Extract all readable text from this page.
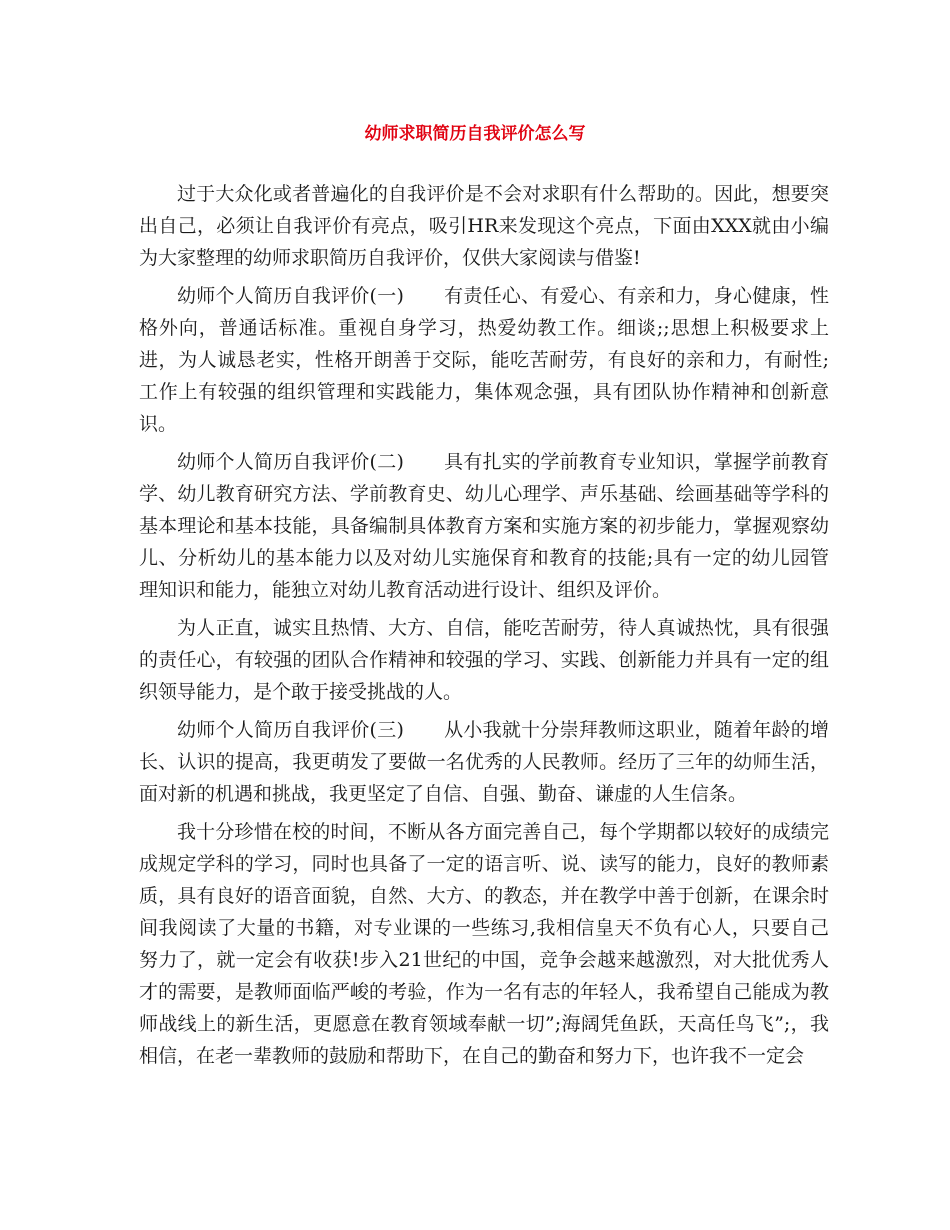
幼师求职简历自我评价怎么写

过于大众化或者普遍化的自我评价是不会对求职有什么帮助的。因此，想要突出自己，必须让自我评价有亮点，吸引HR来发现这个亮点，下面由XXX就由小编为大家整理的幼师求职简历自我评价，仅供大家阅读与借鉴!

幼师个人简历自我评价(一) 有责任心、有爱心、有亲和力，身心健康，性格外向，普通话标准。重视自身学习，热爱幼教工作。细谈;;思想上积极要求上进，为人诚恳老实，性格开朗善于交际，能吃苦耐劳，有良好的亲和力，有耐性;工作上有较强的组织管理和实践能力，集体观念强，具有团队协作精神和创新意识。

幼师个人简历自我评价(二) 具有扎实的学前教育专业知识，掌握学前教育学、幼儿教育研究方法、学前教育史、幼儿心理学、声乐基础、绘画基础等学科的基本理论和基本技能，具备编制具体教育方案和实施方案的初步能力，掌握观察幼儿、分析幼儿的基本能力以及对幼儿实施保育和教育的技能;具有一定的幼儿园管理知识和能力，能独立对幼儿教育活动进行设计、组织及评价。

为人正直，诚实且热情、大方、自信，能吃苦耐劳，待人真诚热忱，具有很强的责任心，有较强的团队合作精神和较强的学习、实践、创新能力并具有一定的组织领导能力，是个敢于接受挑战的人。

幼师个人简历自我评价(三) 从小我就十分崇拜教师这职业，随着年龄的增长、认识的提高，我更萌发了要做一名优秀的人民教师。经历了三年的幼师生活，面对新的机遇和挑战，我更坚定了自信、自强、勤奋、谦虚的人生信条。

我十分珍惜在校的时间，不断从各方面完善自己，每个学期都以较好的成绩完成规定学科的学习，同时也具备了一定的语言听、说、读写的能力，良好的教师素质，具有良好的语音面貌，自然、大方、的教态，并在教学中善于创新，在课余时间我阅读了大量的书籍，对专业课的一些练习,我相信皇天不负有心人，只要自己努力了，就一定会有收获!步入21世纪的中国，竞争会越来越激烈，对大批优秀人才的需要，是教师面临严峻的考验，作为一名有志的年轻人，我希望自己能成为教师战线上的新生活，更愿意在教育领域奉献一切”;海阔凭鱼跃，天高任鸟飞”;，我相信，在老一辈教师的鼓励和帮助下，在自己的勤奋和努力下，也许我不一定会
